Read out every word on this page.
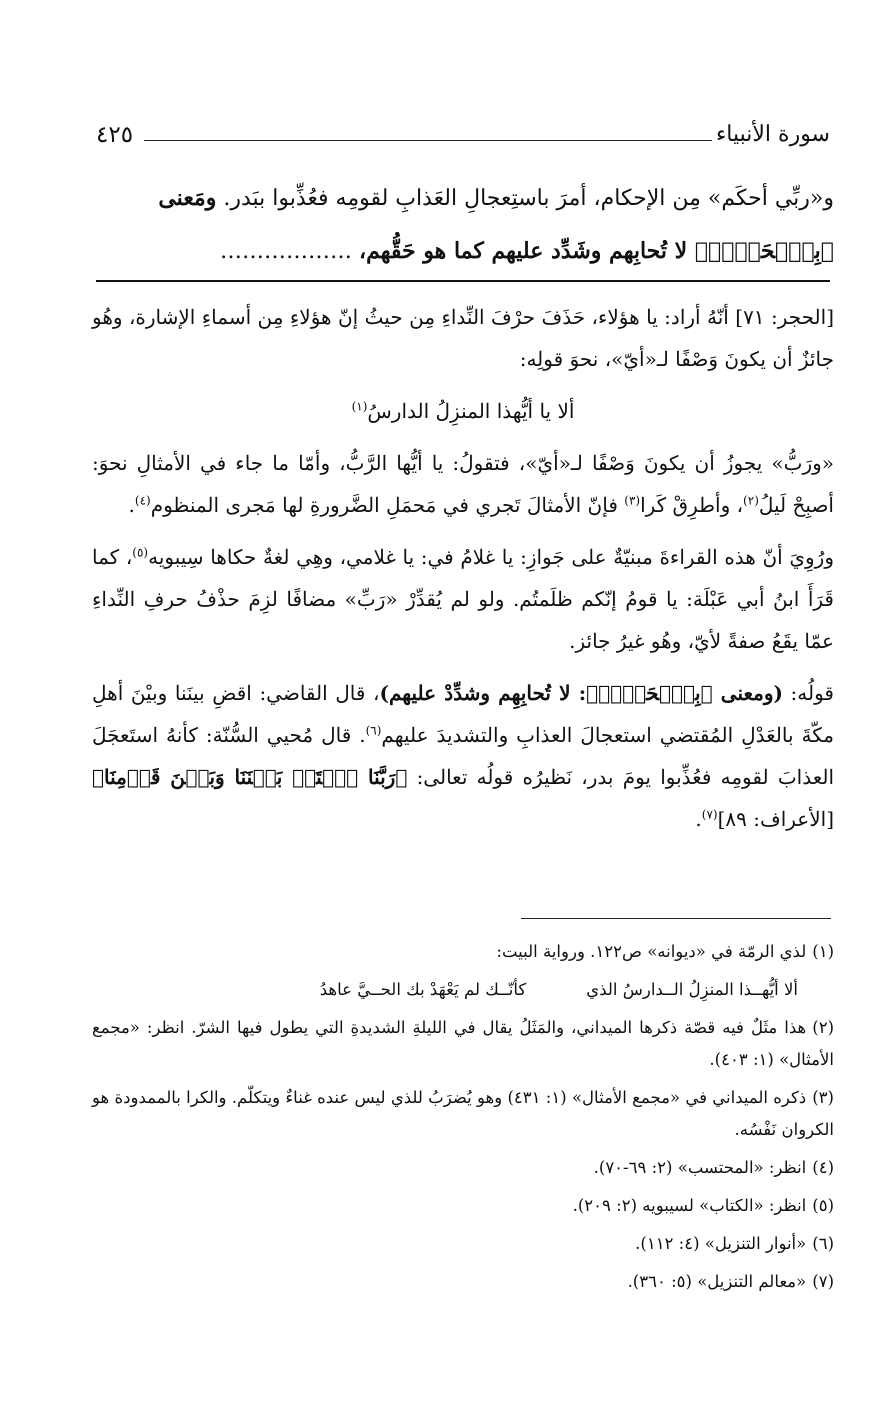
٤٢٥	سورة الأنبياء
و«ربِّي أحكَم» مِن الإحكام، أمرَ باستِعجالِ العَذابِ لقومِه فعُذِّبوا ببَدر. ومَعنى
﴿بِٱلۡحَقِّۖ﴾ لا تُحابِهم وشَدِّد عليهم كما هو حَقُّهم، ………………

[الحجر: ٧١] أنّهُ أراد: يا هؤلاء، حَذَفَ حرْفَ النِّداءِ مِن حيثُ إنّ هؤلاءِ مِن أسماءِ الإشارة، وهُو جائزٌ أن يكونَ وَصْفًا لـ«أيّ»، نحوَ قولِه:

ألا يا أيُّهذا المنزِلُ الدارسُ$^{(١)}$

«ورَبُّ» يجوزُ أن يكونَ وَصْفًا لـ«أيّ»، فتقولُ: يا أيُّها الرَّبُّ، وأمّا ما جاء في الأمثالِ نحوَ: أصبِحْ لَيلُ$^{(٢)}$، وأطرِقْ كَرا$^{(٣)}$ فإنّ الأمثالَ تَجري في مَحمَلِ الضَّرورةِ لها مَجرى المنظوم$^{(٤)}$.

ورُوِيَ أنّ هذه القراءةَ مبنيّةٌ على جَوازِ: يا غلامُ في: يا غلامي، وهِي لغةٌ حكاها سِيبويه$^{(٥)}$، كما قَرَأَ ابنُ أبي عَبْلَة: يا قومُ إنّكم ظلَمتُم. ولو لم يُقدِّرْ «رَبِّ» مضافًا لزِمَ حذْفُ حرفِ النِّداءِ عمّا يقَعُ صفةً لأيّ، وهُو غيرُ جائز.

قولُه: (ومعنى ﴿بِٱلۡحَقِّۖ﴾: لا تُحابِهِم وشدِّدْ عليهم)، قال القاضي: اقضِ بينَنا وبيْنَ أهلِ مكّةَ بالعَدْلِ المُقتضي استعجالَ العذابِ والتشديدَ عليهم$^{(٦)}$. قال مُحيي السُّنّة: كأنهُ استَعجَلَ العذابَ لقومِه فعُذِّبوا يومَ بدر، نَظيرُه قولُه تعالى: ﴿رَبَّنَا ٱفۡتَحۡ بَيۡنَنَا وَبَيۡنَ قَوۡمِنَا﴾ [الأعراف: ٨٩]$^{(٧)}$.

(١)لذي الرمّة في «ديوانه» ص١٢٢. ورواية البيت:
ألا أيُّهــذا المنزِلُ الــدارسُ الذي
كأنّــك لم يَعْهَدْ بك الحــيَّ عاهدُ
(٢)هذا مثَلٌ فيه قصّة ذكرها الميداني، والمَثَلُ يقال في الليلةِ الشديدةِ التي يطول فيها الشرّ. انظر: «مجمع الأمثال» (١: ٤٠٣).
(٣)ذكره الميداني في «مجمع الأمثال» (١: ٤٣١) وهو يُضرَبُ للذي ليس عنده غناءٌ ويتكلّم. والكرا بالممدودة هو الكروان نَفْسُه.
(٤)انظر: «المحتسب» (٢: ٦٩-٧٠).
(٥)انظر: «الكتاب» لسيبويه (٢: ٢٠٩).
(٦)«أنوار التنزيل» (٤: ١١٢).
(٧)«معالم التنزيل» (٥: ٣٦٠).
